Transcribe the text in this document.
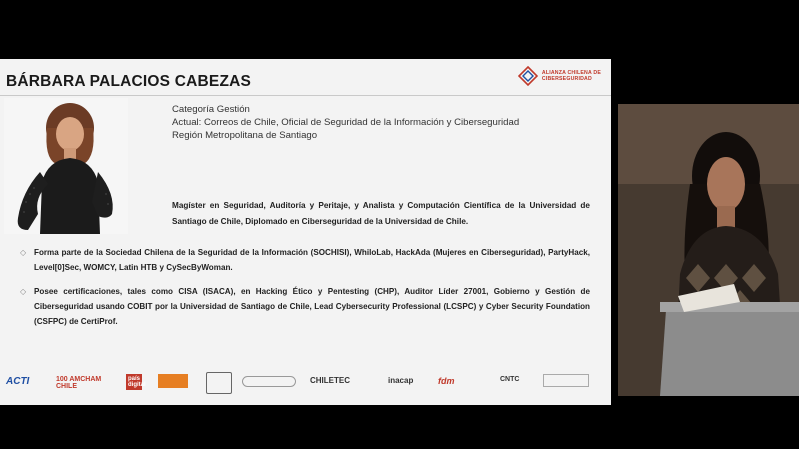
BÁRBARA PALACIOS CABEZAS	ALIANZA CHILENA DE
CIBERSEGURIDAD
Categoría Gestión
Actual: Correos de Chile, Oficial de Seguridad de la Información y Ciberseguridad
Región Metropolitana de Santiago
Magíster en Seguridad, Auditoría y Peritaje, y Analista y Computación Científica de la Universidad de Santiago de Chile, Diplomado en Ciberseguridad de la Universidad de Chile.
◇ Forma parte de la Sociedad Chilena de la Seguridad de la Información (SOCHISI), WhiloLab, HackAda (Mujeres en Ciberseguridad), PartyHack, Level[0]Sec, WOMCY, Latin HTB y CySecByWoman.
◇ Posee certificaciones, tales como CISA (ISACA), en Hacking Ético y Pentesting (CHP), Auditor Líder 27001, Gobierno y Gestión de Ciberseguridad usando COBIT por la Universidad de Santiago de Chile, Lead Cybersecurity Professional (LCSPC) y Cyber Security Foundation (CSFPC) de CertiProf.
ACTI	100 AMCHAM CHILE
país digital	CHILETEC	inacap	fdm	CNTC
